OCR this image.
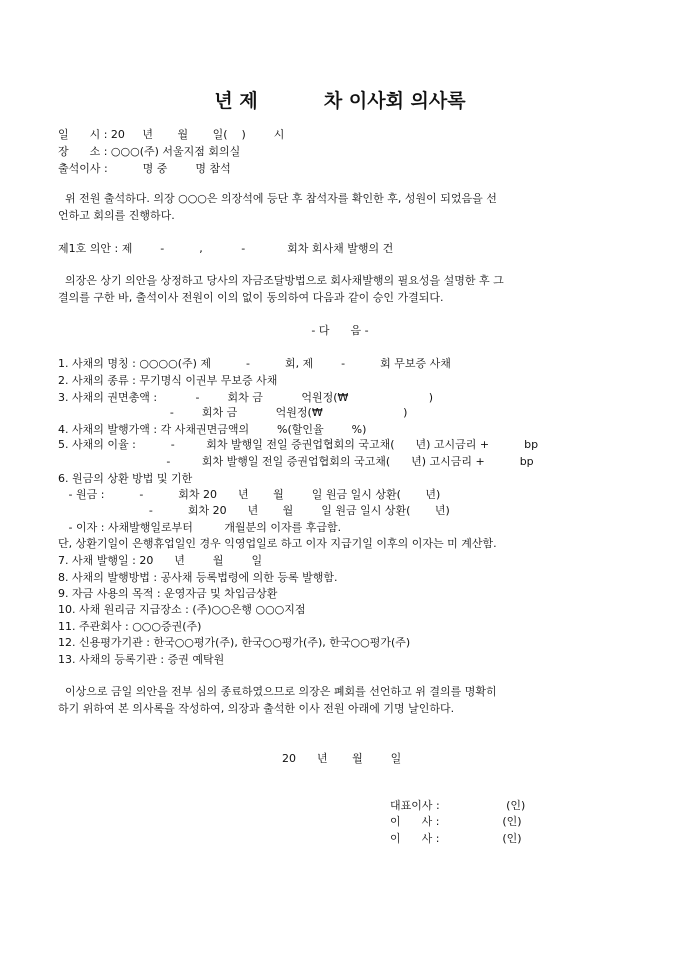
년 제	차 이사회 의사록
일      시 : 20     년       월       일(    )        시
장      소 : ○○○(주) 서울지점 회의실
출석이사 :          명 중        명 참석
위 전원 출석하다. 의장 ○○○은 의장석에 등단 후 참석자를 확인한 후, 성원이 되었음을 선
언하고 회의를 진행하다.
제1호 의안 : 제        -          ,           -            회차 회사채 발행의 건
의장은 상기 의안을 상정하고 당사의 자금조달방법으로 회사채발행의 필요성을 설명한 후 그
결의를 구한 바, 출석이사 전원이 이의 없이 동의하여 다음과 같이 승인 가결되다.
- 다      음 -
1. 사채의 명칭 : ○○○○(주) 제          -          회, 제        -          회 무보증 사채
2. 사채의 종류 : 무기명식 이권부 무보증 사채
3. 사채의 권면총액 :           -        회차 금           억원정(₩                       )
-        회차 금           억원정(₩                       )
4. 사채의 발행가액 : 각 사채권면금액의        %(할인율        %)
5. 사채의 이율 :          -         회차 발행일 전일 증권업협회의 국고채(      년) 고시금리 +          bp
-         회차 발행일 전일 증권업협회의 국고채(      년) 고시금리 +          bp
6. 원금의 상환 방법 및 기한
- 원금 :          -          회차 20      년       월        일 원금 일시 상환(       년)
-          회차 20      년       월        일 원금 일시 상환(       년)
- 이자 : 사채발행일로부터         개월분의 이자를 후급함.
단, 상환기일이 은행휴업일인 경우 익영업일로 하고 이자 지급기일 이후의 이자는 미 계산함.
7. 사채 발행일 : 20      년        월        일
8. 사채의 발행방법 : 공사채 등록법령에 의한 등록 발행함.
9. 자금 사용의 목적 : 운영자금 및 차입금상환
10. 사채 원리금 지급장소 : (주)○○은행 ○○○지점
11. 주관회사 : ○○○증권(주)
12. 신용평가기관 : 한국○○평가(주), 한국○○평가(주), 한국○○평가(주)
13. 사채의 등록기관 : 증권 예탁원
이상으로 금일 의안을 전부 심의 종료하였으므로 의장은 폐회를 선언하고 위 결의를 명확히
하기 위하여 본 의사록을 작성하여, 의장과 출석한 이사 전원 아래에 기명 날인하다.
20      년       월        일
대표이사 :                   (인)
이      사 :                  (인)
이      사 :                  (인)
